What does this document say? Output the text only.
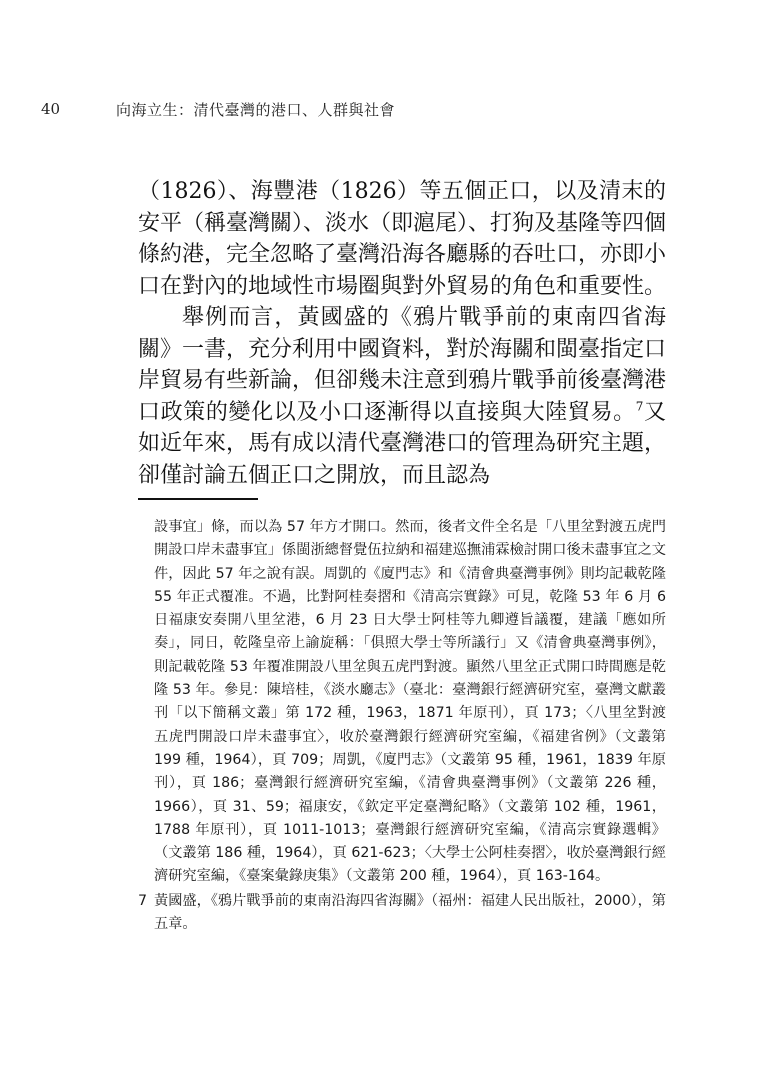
40	向海立生：清代臺灣的港口、人群與社會

（1826）、海豐港（1826）等五個正口，以及清末的安平（稱臺灣關）、淡水（即滬尾）、打狗及基隆等四個條約港，完全忽略了臺灣沿海各廳縣的吞吐口，亦即小口在對內的地域性市場圈與對外貿易的角色和重要性。

舉例而言，黃國盛的《鴉片戰爭前的東南四省海關》一書，充分利用中國資料，對於海關和閩臺指定口岸貿易有些新論，但卻幾未注意到鴉片戰爭前後臺灣港口政策的變化以及小口逐漸得以直接與大陸貿易。$^7$又如近年來，馬有成以清代臺灣港口的管理為研究主題，卻僅討論五個正口之開放，而且認為

設事宜」條，而以為 57 年方才開口。然而，後者文件全名是「八里坌對渡五虎門開設口岸未盡事宜」係閩浙總督覺伍拉納和福建巡撫浦霖檢討開口後未盡事宜之文件，因此 57 年之說有誤。周凱的《廈門志》和《清會典臺灣事例》則均記載乾隆 55 年正式覆准。不過，比對阿桂奏摺和《清高宗實錄》可見，乾隆 53 年 6 月 6 日福康安奏開八里坌港，6 月 23 日大學士阿桂等九卿遵旨議覆，建議「應如所奏」，同日，乾隆皇帝上諭旋稱：「俱照大學士等所議行」又《清會典臺灣事例》，則記載乾隆 53 年覆准開設八里坌與五虎門對渡。顯然八里坌正式開口時間應是乾隆 53 年。參見：陳培桂，《淡水廳志》（臺北：臺灣銀行經濟研究室，臺灣文獻叢刊「以下簡稱文叢」第 172 種，1963，1871 年原刊），頁 173；〈八里坌對渡五虎門開設口岸未盡事宜〉，收於臺灣銀行經濟研究室編，《福建省例》（文叢第 199 種，1964），頁 709；周凱，《廈門志》（文叢第 95 種，1961，1839 年原刊），頁 186；臺灣銀行經濟研究室編，《清會典臺灣事例》（文叢第 226 種，1966），頁 31、59；福康安，《欽定平定臺灣紀略》（文叢第 102 種，1961，1788 年原刊），頁 1011-1013；臺灣銀行經濟研究室編，《清高宗實錄選輯》（文叢第 186 種，1964），頁 621-623；〈大學士公阿桂奏摺〉，收於臺灣銀行經濟研究室編，《臺案彙錄庚集》（文叢第 200 種，1964），頁 163-164。

7 黃國盛，《鴉片戰爭前的東南沿海四省海關》（福州：福建人民出版社，2000），第五章。
